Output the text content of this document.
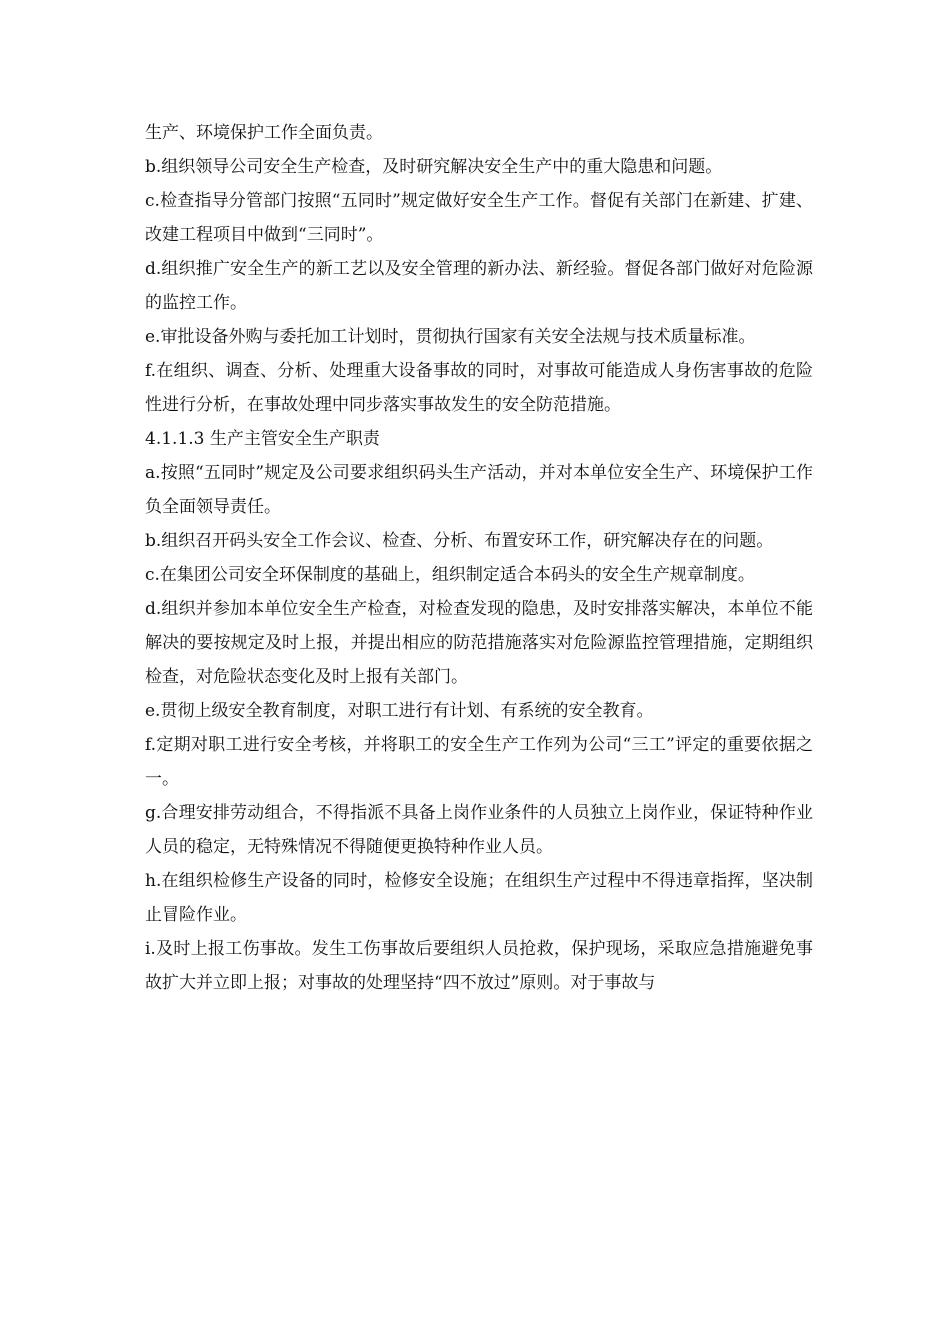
生产、环境保护工作全面负责。

b.组织领导公司安全生产检查，及时研究解决安全生产中的重大隐患和问题。

c.检查指导分管部门按照“五同时”规定做好安全生产工作。督促有关部门在新建、扩建、改建工程项目中做到“三同时”。

d.组织推广安全生产的新工艺以及安全管理的新办法、新经验。督促各部门做好对危险源的监控工作。

e.审批设备外购与委托加工计划时，贯彻执行国家有关安全法规与技术质量标准。

f.在组织、调查、分析、处理重大设备事故的同时，对事故可能造成人身伤害事故的危险性进行分析，在事故处理中同步落实事故发生的安全防范措施。

4.1.1.3 生产主管安全生产职责

a.按照“五同时”规定及公司要求组织码头生产活动，并对本单位安全生产、环境保护工作负全面领导责任。

b.组织召开码头安全工作会议、检查、分析、布置安环工作，研究解决存在的问题。

c.在集团公司安全环保制度的基础上，组织制定适合本码头的安全生产规章制度。

d.组织并参加本单位安全生产检查，对检查发现的隐患，及时安排落实解决，本单位不能解决的要按规定及时上报，并提出相应的防范措施落实对危险源监控管理措施，定期组织检查，对危险状态变化及时上报有关部门。

e.贯彻上级安全教育制度，对职工进行有计划、有系统的安全教育。

f.定期对职工进行安全考核，并将职工的安全生产工作列为公司“三工”评定的重要依据之一。

g.合理安排劳动组合，不得指派不具备上岗作业条件的人员独立上岗作业，保证特种作业人员的稳定，无特殊情况不得随便更换特种作业人员。

h.在组织检修生产设备的同时，检修安全设施；在组织生产过程中不得违章指挥，坚决制止冒险作业。

i.及时上报工伤事故。发生工伤事故后要组织人员抢救，保护现场，采取应急措施避免事故扩大并立即上报；对事故的处理坚持“四不放过”原则。对于事故与
